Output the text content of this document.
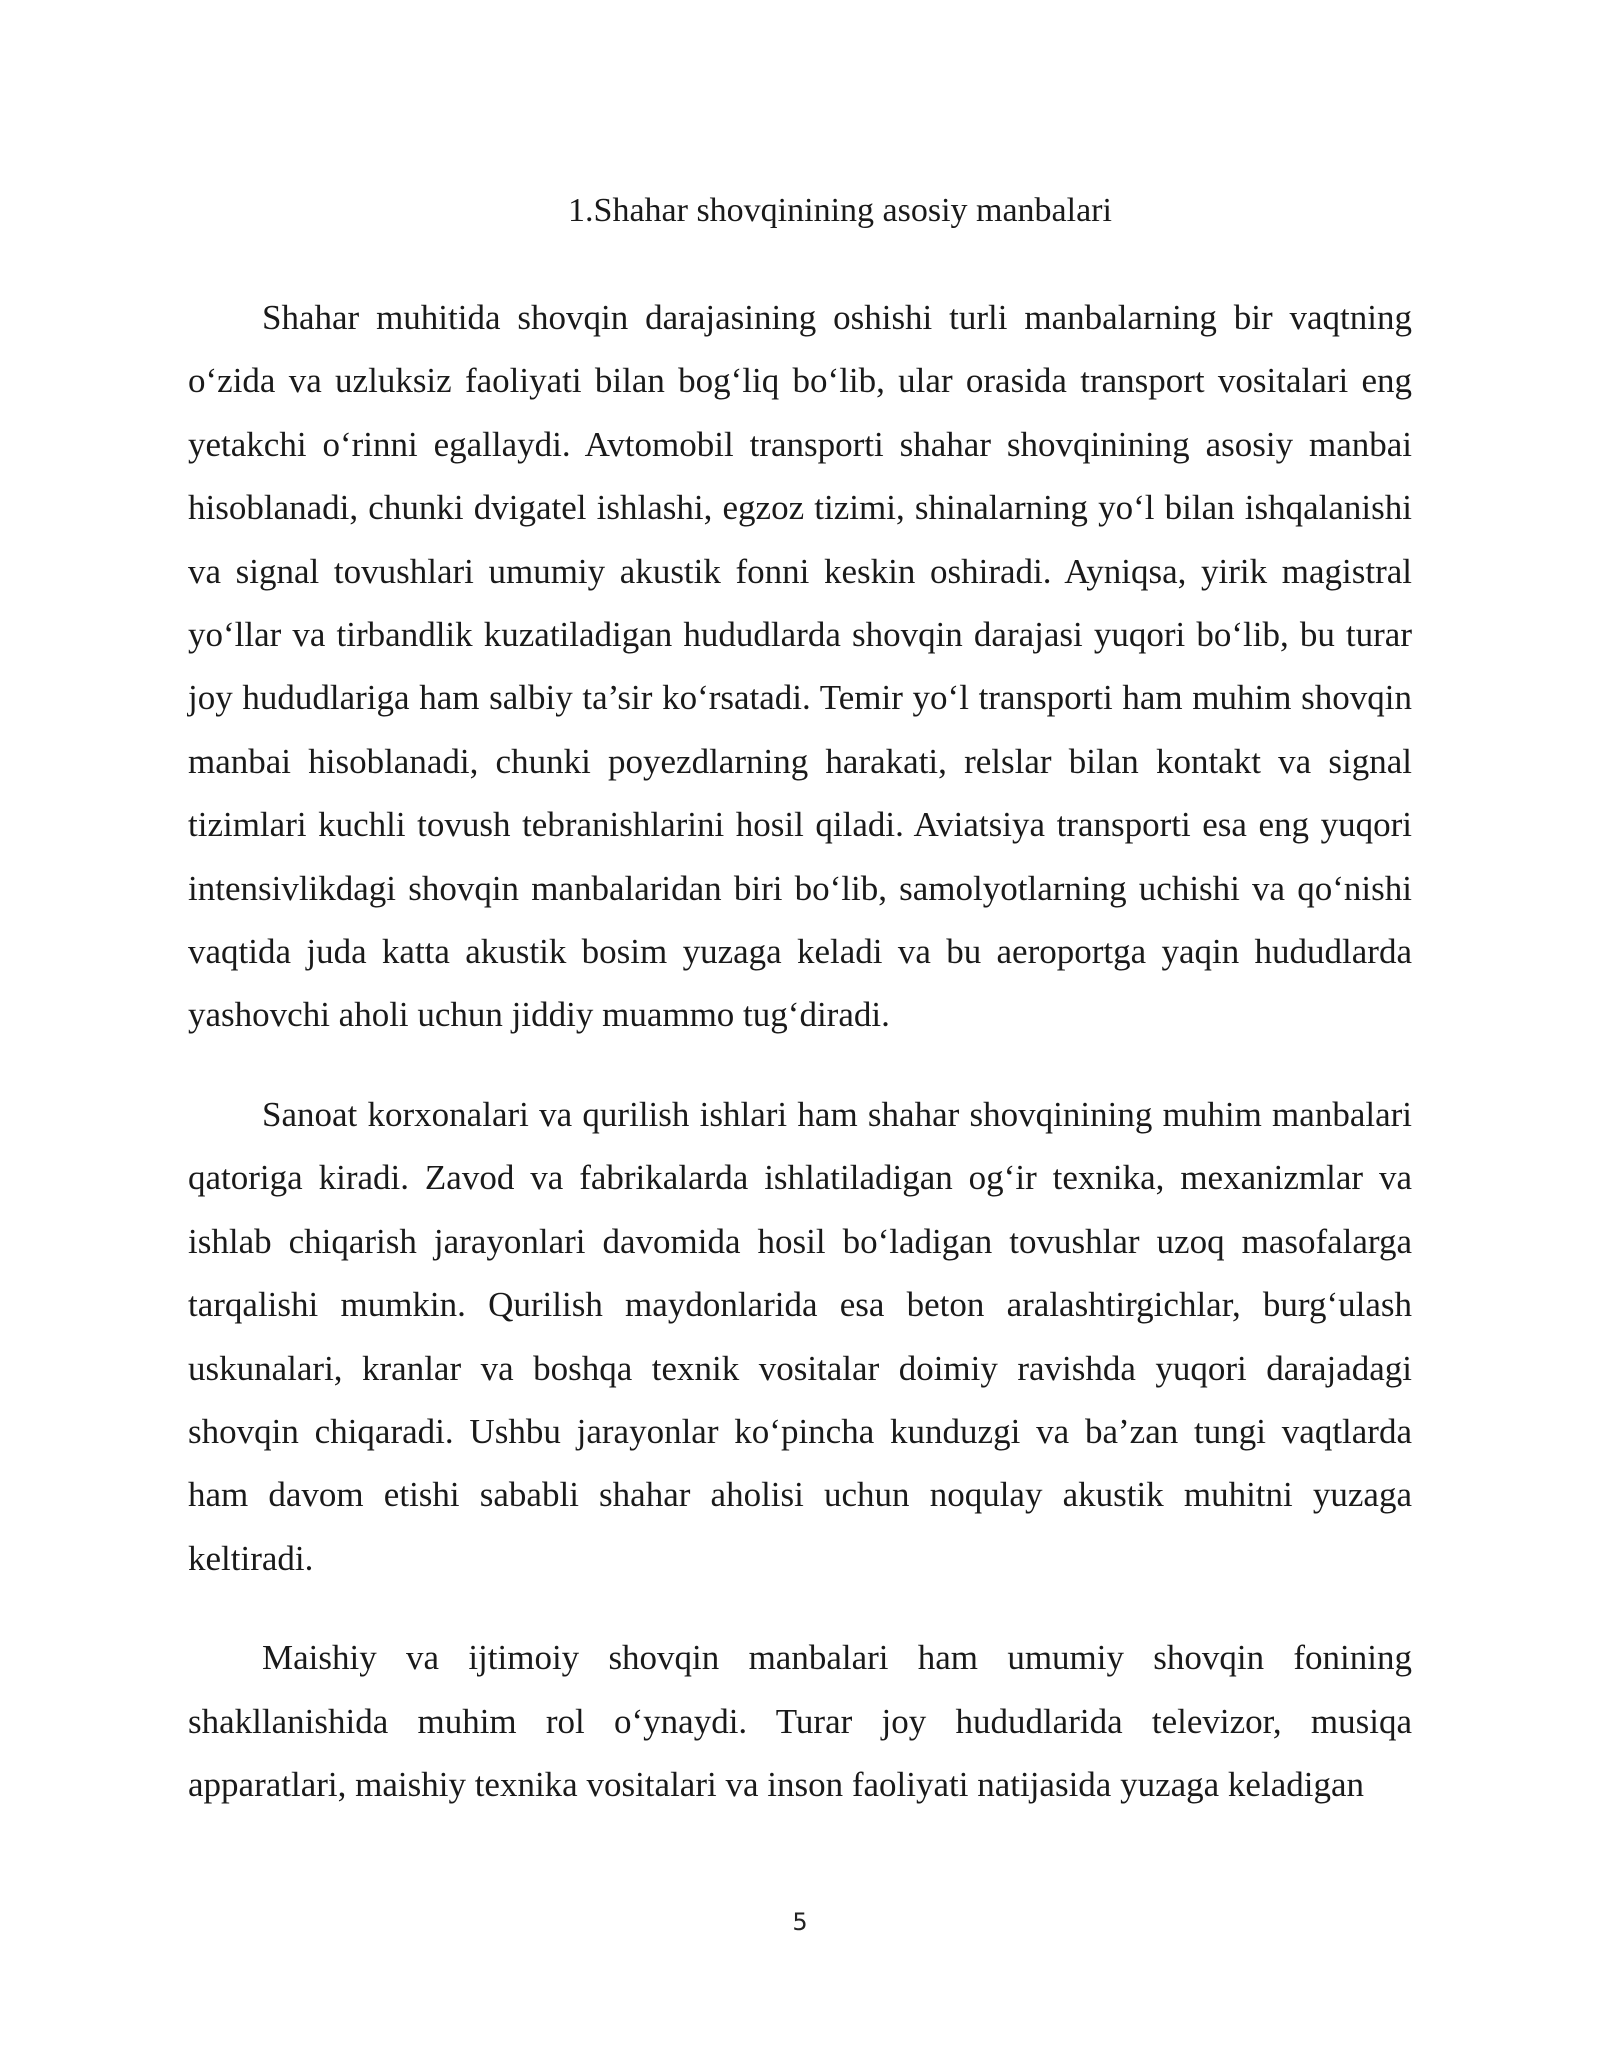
1.Shahar shovqinining asosiy manbalari

Shahar muhitida shovqin darajasining oshishi turli manbalarning bir vaqtning o‘zida va uzluksiz faoliyati bilan bog‘liq bo‘lib, ular orasida transport vositalari eng yetakchi o‘rinni egallaydi. Avtomobil transporti shahar shovqinining asosiy manbai hisoblanadi, chunki dvigatel ishlashi, egzoz tizimi, shinalarning yo‘l bilan ishqalanishi va signal tovushlari umumiy akustik fonni keskin oshiradi. Ayniqsa, yirik magistral yo‘llar va tirbandlik kuzatiladigan hududlarda shovqin darajasi yuqori bo‘lib, bu turar joy hududlariga ham salbiy ta’sir ko‘rsatadi. Temir yo‘l transporti ham muhim shovqin manbai hisoblanadi, chunki poyezdlarning harakati, relslar bilan kontakt va signal tizimlari kuchli tovush tebranishlarini hosil qiladi. Aviatsiya transporti esa eng yuqori intensivlikdagi shovqin manbalaridan biri bo‘lib, samolyotlarning uchishi va qo‘nishi vaqtida juda katta akustik bosim yuzaga keladi va bu aeroportga yaqin hududlarda yashovchi aholi uchun jiddiy muammo tug‘diradi.

Sanoat korxonalari va qurilish ishlari ham shahar shovqinining muhim manbalari qatoriga kiradi. Zavod va fabrikalarda ishlatiladigan og‘ir texnika, mexanizmlar va ishlab chiqarish jarayonlari davomida hosil bo‘ladigan tovushlar uzoq masofalarga tarqalishi mumkin. Qurilish maydonlarida esa beton aralashtirgichlar, burg‘ulash uskunalari, kranlar va boshqa texnik vositalar doimiy ravishda yuqori darajadagi shovqin chiqaradi. Ushbu jarayonlar ko‘pincha kunduzgi va ba’zan tungi vaqtlarda ham davom etishi sababli shahar aholisi uchun noqulay akustik muhitni yuzaga keltiradi.

Maishiy va ijtimoiy shovqin manbalari ham umumiy shovqin fonining shakllanishida muhim rol o‘ynaydi. Turar joy hududlarida televizor, musiqa apparatlari, maishiy texnika vositalari va inson faoliyati natijasida yuzaga keladigan

5
